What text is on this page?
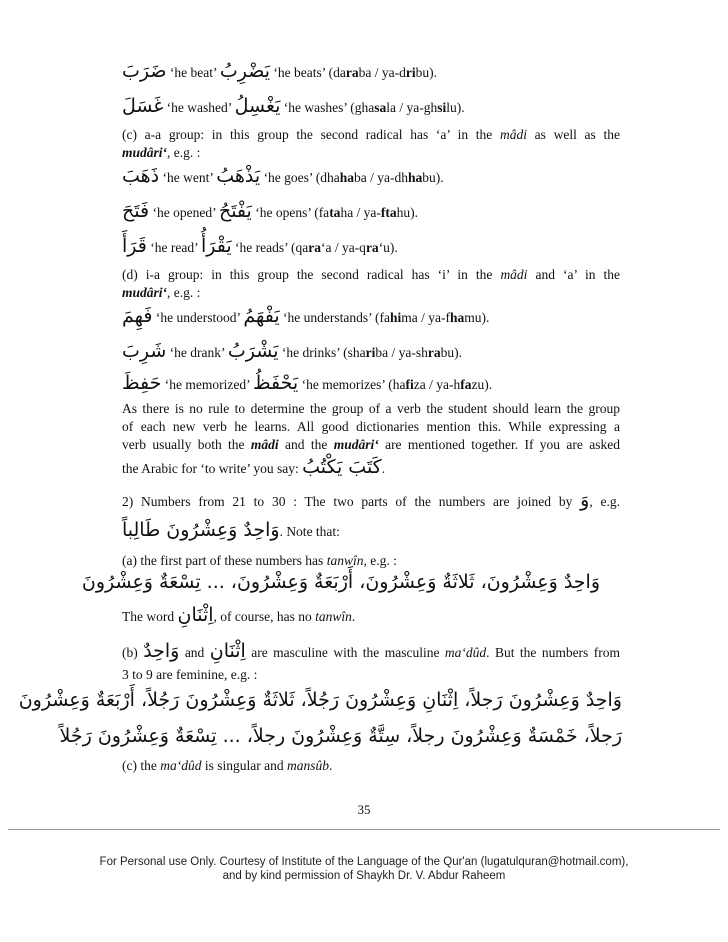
ضَرَبَ ‘he beat’ يَضْرِبُ ‘he beats’ (daraba / ya-dribu).
غَسَلَ ‘he washed’ يَغْسِلُ ‘he washes’ (ghasala / ya-ghsilu).
(c) a-a group: in this group the second radical has ‘a’ in the mâdi as well as the
mudâri‘, e.g. :
ذَهَبَ ‘he went’ يَذْهَبُ ‘he goes’ (dhahaba / ya-dhhabu).
فَتَحَ ‘he opened’ يَفْتَحُ ‘he opens’ (fataha / ya-ftahu).
قَرَأَ ‘he read’ يَقْرَأُ ‘he reads’ (qara‘a / ya-qra‘u).
(d) i-a group: in this group the second radical has ‘i’ in the mâdi and ‘a’ in the
mudâri‘, e.g. :
فَهِمَ ‘he understood’ يَفْهَمُ ‘he understands’ (fahima / ya-fhamu).
شَرِبَ ‘he drank’ يَشْرَبُ ‘he drinks’ (shariba / ya-shrabu).
حَفِظَ ‘he memorized’ يَحْفَظُ ‘he memorizes’ (hafiza / ya-hfazu).
As there is no rule to determine the group of a verb the student should learn the group
of each new verb he learns. All good dictionaries mention this. While expressing a
verb usually both the mâdi and the mudâri‘ are mentioned together. If you are asked
the Arabic for ‘to write’ you say: كَتَبَ يَكْتُبُ.
2) Numbers from 21 to 30 : The two parts of the numbers are joined by وَ, e.g.
وَاحِدٌ وَعِشْرُونَ طَالِباً. Note that:
(a) the first part of these numbers has tanwîn, e.g. :
وَاحِدٌ وَعِشْرُونَ، ثَلاثَةٌ وَعِشْرُونَ، أَرْبَعَةٌ وَعِشْرُونَ، ... تِسْعَةٌ وَعِشْرُونَ
The word اِثْنَانِ, of course, has no tanwîn.
(b) وَاحِدٌ and اِثْنَانِ are masculine with the masculine ma‘dûd. But the numbers from
3 to 9 are feminine, e.g. :
وَاحِدٌ وَعِشْرُونَ رَجلاً، اِثْنَانِ وَعِشْرُونَ رَجُلاً، ثَلاثَةٌ وَعِشْرُونَ رَجُلاً، أَرْبَعَةٌ وَعِشْرُونَ
رَجلاً، خَمْسَةٌ وَعِشْرُونَ رجلاً، سِتَّةٌ وَعِشْرُونَ رجلاً، ... تِسْعَةٌ وَعِشْرُونَ رَجُلاً
(c) the ma‘dûd is singular and mansûb.
35
For Personal use Only. Courtesy of Institute of the Language of the Qur'an (lugatulquran@hotmail.com),
and by kind permission of Shaykh Dr. V. Abdur Raheem
